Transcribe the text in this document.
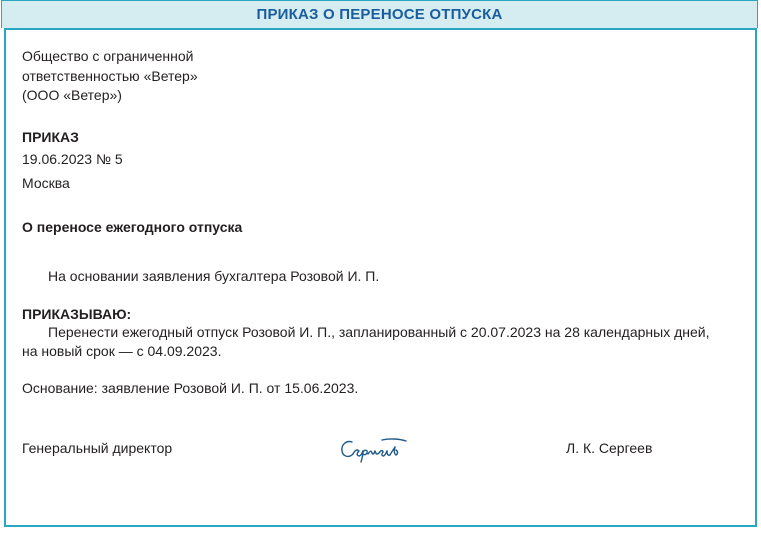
ПРИКАЗ О ПЕРЕНОСЕ ОТПУСКА
Общество с ограниченной
ответственностью «Ветер»
(ООО «Ветер»)
ПРИКАЗ
19.06.2023 № 5
Москва
О переносе ежегодного отпуска
На основании заявления бухгалтера Розовой И. П.
ПРИКАЗЫВАЮ:
Перенести ежегодный отпуск Розовой И. П., запланированный с 20.07.2023 на 28 календарных дней,
на новый срок — с 04.09.2023.
Основание: заявление Розовой И. П. от 15.06.2023.
Генеральный директор	Л. К. Сергеев
